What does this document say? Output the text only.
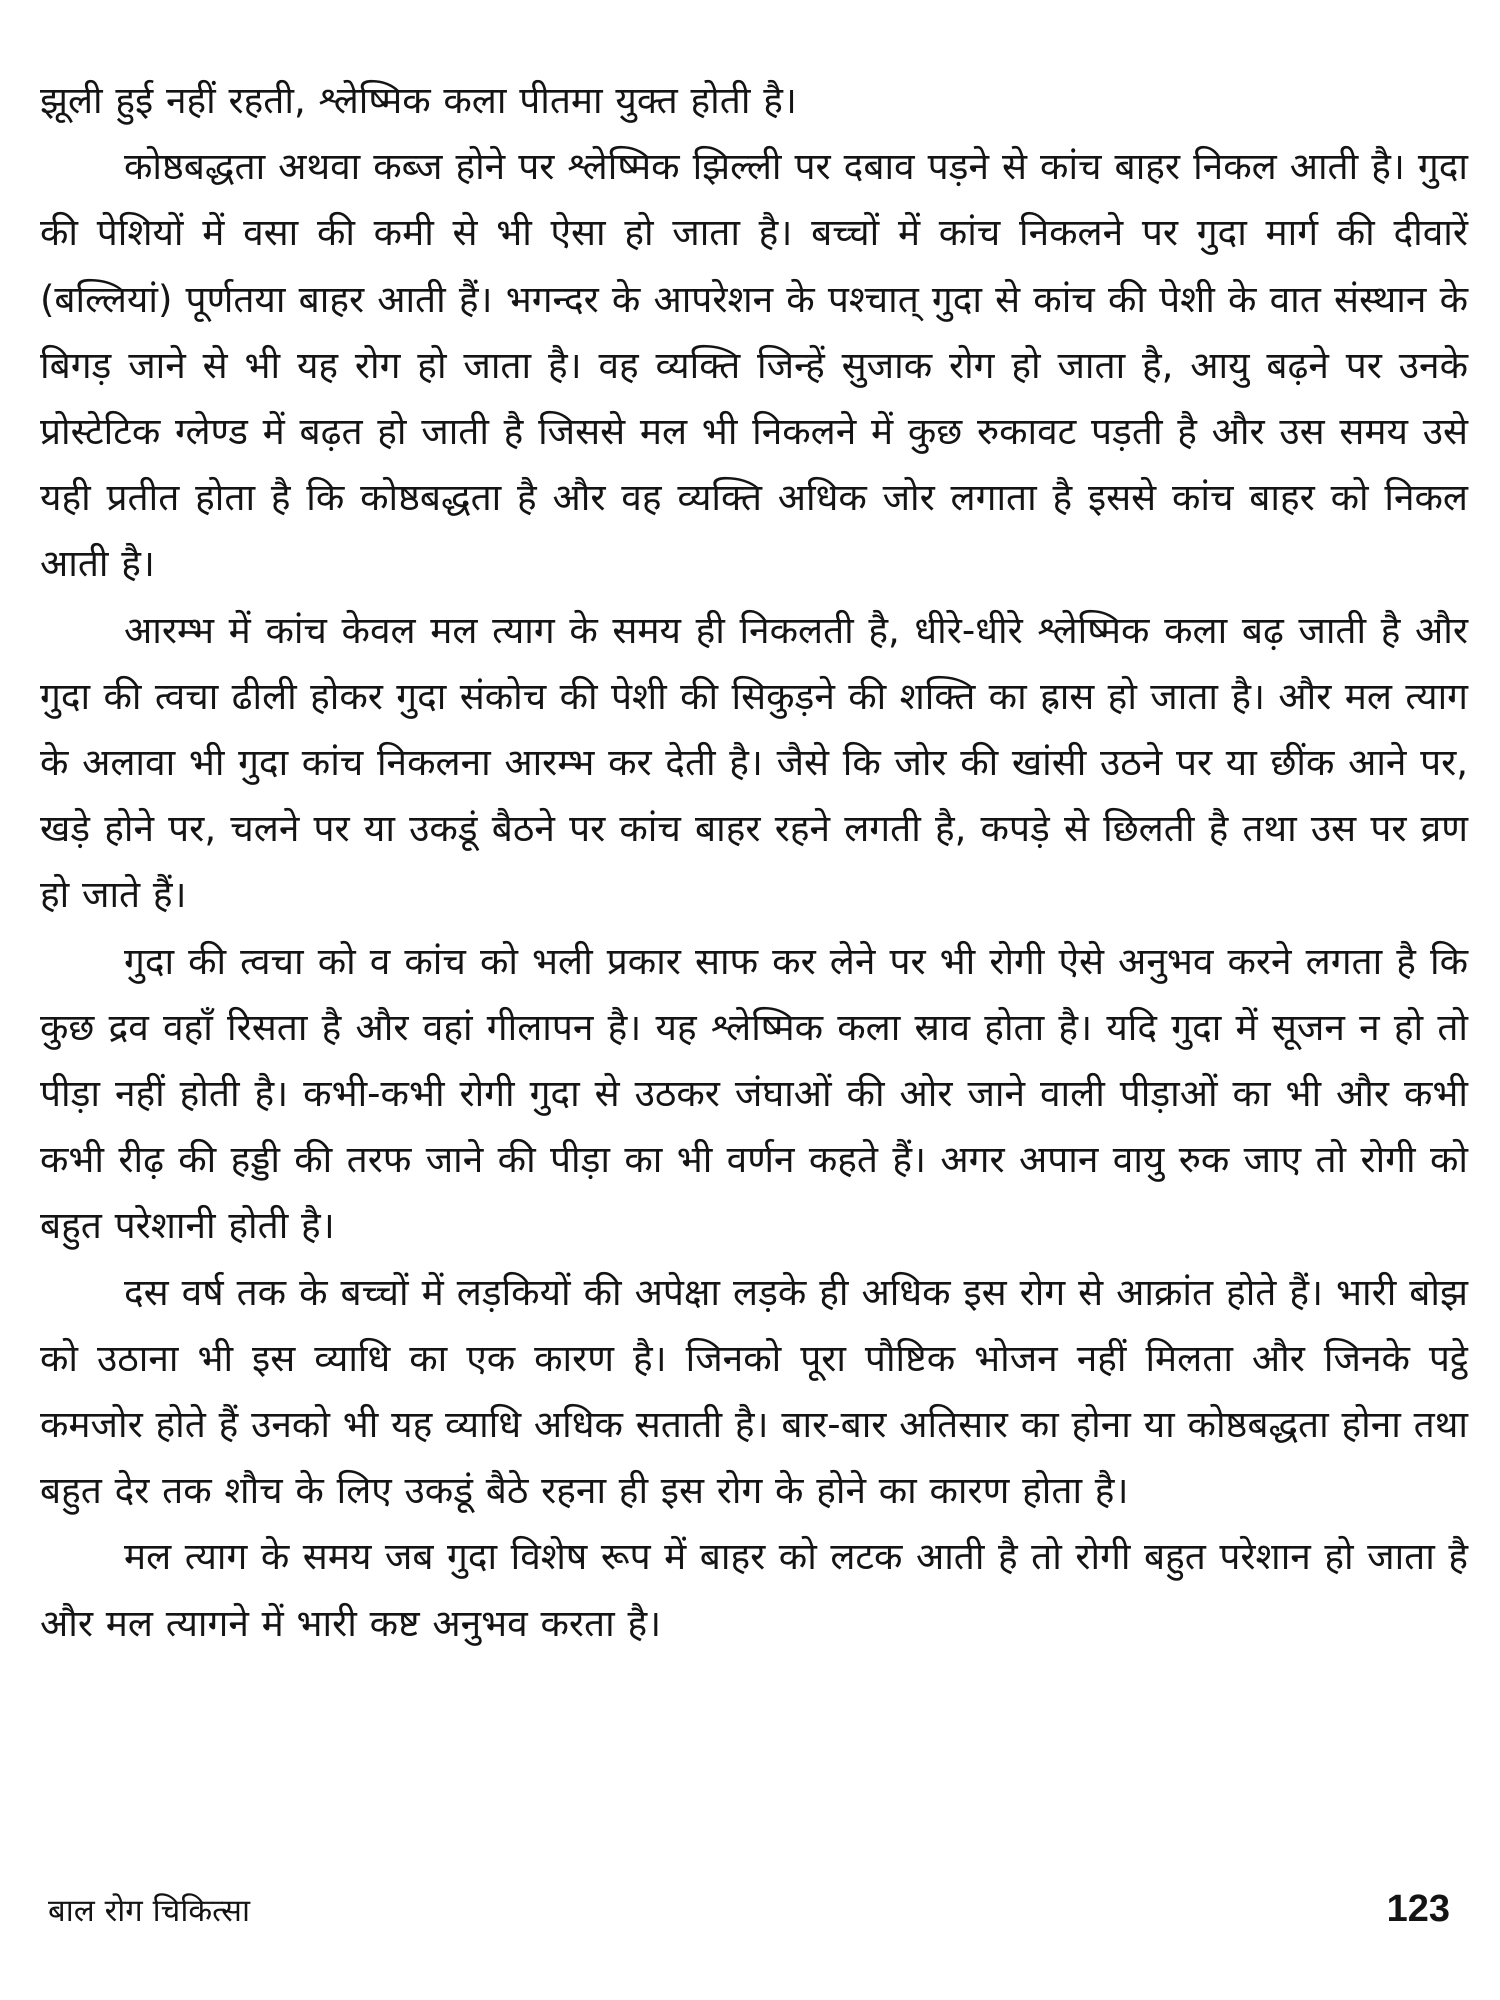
झूली हुई नहीं रहती, श्लेष्मिक कला पीतमा युक्त होती है।

कोष्ठबद्धता अथवा कब्ज होने पर श्लेष्मिक झिल्ली पर दबाव पड़ने से कांच बाहर निकल आती है। गुदा की पेशियों में वसा की कमी से भी ऐसा हो जाता है। बच्चों में कांच निकलने पर गुदा मार्ग की दीवारें (बल्लियां) पूर्णतया बाहर आती हैं। भगन्दर के आपरेशन के पश्चात् गुदा से कांच की पेशी के वात संस्थान के बिगड़ जाने से भी यह रोग हो जाता है। वह व्यक्ति जिन्हें सुजाक रोग हो जाता है, आयु बढ़ने पर उनके प्रोस्टेटिक ग्लेण्ड में बढ़त हो जाती है जिससे मल भी निकलने में कुछ रुकावट पड़ती है और उस समय उसे यही प्रतीत होता है कि कोष्ठबद्धता है और वह व्यक्ति अधिक जोर लगाता है इससे कांच बाहर को निकल आती है।

आरम्भ में कांच केवल मल त्याग के समय ही निकलती है, धीरे-धीरे श्लेष्मिक कला बढ़ जाती है और गुदा की त्वचा ढीली होकर गुदा संकोच की पेशी की सिकुड़ने की शक्ति का ह्रास हो जाता है। और मल त्याग के अलावा भी गुदा कांच निकलना आरम्भ कर देती है। जैसे कि जोर की खांसी उठने पर या छींक आने पर, खड़े होने पर, चलने पर या उकडूं बैठने पर कांच बाहर रहने लगती है, कपड़े से छिलती है तथा उस पर व्रण हो जाते हैं।

गुदा की त्वचा को व कांच को भली प्रकार साफ कर लेने पर भी रोगी ऐसे अनुभव करने लगता है कि कुछ द्रव वहाँ रिसता है और वहां गीलापन है। यह श्लेष्मिक कला स्राव होता है। यदि गुदा में सूजन न हो तो पीड़ा नहीं होती है। कभी-कभी रोगी गुदा से उठकर जंघाओं की ओर जाने वाली पीड़ाओं का भी और कभी कभी रीढ़ की हड्डी की तरफ जाने की पीड़ा का भी वर्णन कहते हैं। अगर अपान वायु रुक जाए तो रोगी को बहुत परेशानी होती है।

दस वर्ष तक के बच्चों में लड़कियों की अपेक्षा लड़के ही अधिक इस रोग से आक्रांत होते हैं। भारी बोझ को उठाना भी इस व्याधि का एक कारण है। जिनको पूरा पौष्टिक भोजन नहीं मिलता और जिनके पट्ठे कमजोर होते हैं उनको भी यह व्याधि अधिक सताती है। बार-बार अतिसार का होना या कोष्ठबद्धता होना तथा बहुत देर तक शौच के लिए उकडूं बैठे रहना ही इस रोग के होने का कारण होता है।

मल त्याग के समय जब गुदा विशेष रूप में बाहर को लटक आती है तो रोगी बहुत परेशान हो जाता है और मल त्यागने में भारी कष्ट अनुभव करता है।

बाल रोग चिकित्सा	123
